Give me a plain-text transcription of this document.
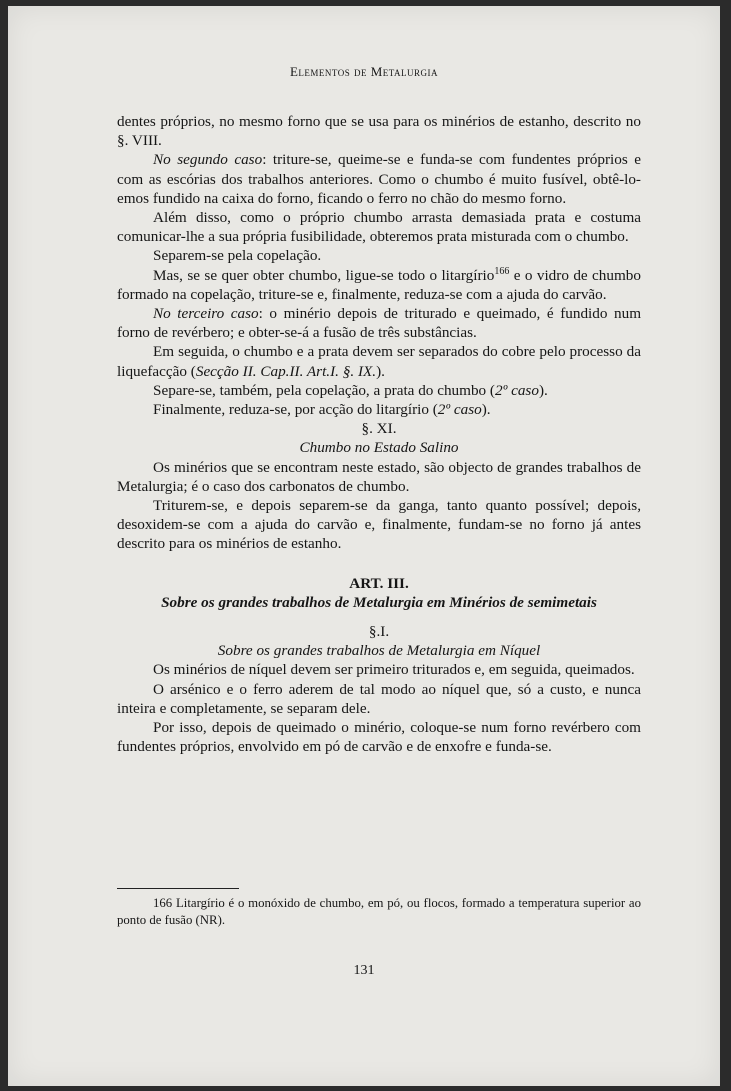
Elementos de Metalurgia

dentes próprios, no mesmo forno que se usa para os minérios de estanho, descrito no §. VIII.

No segundo caso: triture-se, queime-se e funda-se com fundentes próprios e com as escórias dos trabalhos anteriores. Como o chumbo é muito fusível, obtê-lo-emos fundido na caixa do forno, ficando o ferro no chão do mesmo forno.

Além disso, como o próprio chumbo arrasta demasiada prata e costuma comunicar-lhe a sua própria fusibilidade, obteremos prata misturada com o chumbo.

Separem-se pela copelação.

Mas, se se quer obter chumbo, ligue-se todo o litargírio$^{166}$ e o vidro de chumbo formado na copelação, triture-se e, finalmente, reduza-se com a ajuda do carvão.

No terceiro caso: o minério depois de triturado e queimado, é fundido num forno de revérbero; e obter-se-á a fusão de três substâncias.

Em seguida, o chumbo e a prata devem ser separados do cobre pelo processo da liquefacção (Secção II. Cap.II. Art.I. §. IX.).

Separe-se, também, pela copelação, a prata do chumbo (2º caso).

Finalmente, reduza-se, por acção do litargírio (2º caso).

§. XI.

Chumbo no Estado Salino

Os minérios que se encontram neste estado, são objecto de grandes trabalhos de Metalurgia; é o caso dos carbonatos de chumbo.

Triturem-se, e depois separem-se da ganga, tanto quanto possível; depois, desoxidem-se com a ajuda do carvão e, finalmente, fundam-se no forno já antes descrito para os minérios de estanho.

ART. III.

Sobre os grandes trabalhos de Metalurgia em Minérios de semimetais

§.I.

Sobre os grandes trabalhos de Metalurgia em Níquel

Os minérios de níquel devem ser primeiro triturados e, em seguida, queimados.

O arsénico e o ferro aderem de tal modo ao níquel que, só a custo, e nunca inteira e completamente, se separam dele.

Por isso, depois de queimado o minério, coloque-se num forno revérbero com fundentes próprios, envolvido em pó de carvão e de enxofre e funda-se.

166 Litargírio é o monóxido de chumbo, em pó, ou flocos, formado a temperatura superior ao ponto de fusão (NR).
131
